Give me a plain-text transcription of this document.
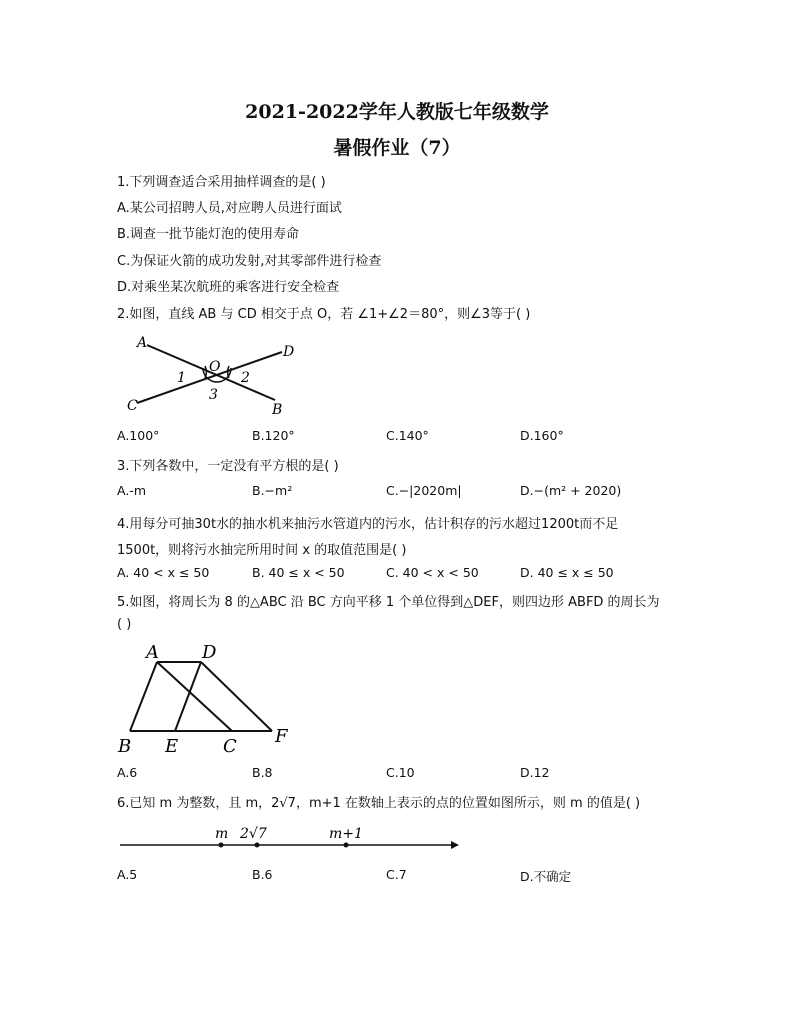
2021-2022学年人教版七年级数学
暑假作业（7）
1.下列调查适合采用抽样调查的是( )
A.某公司招聘人员,对应聘人员进行面试
B.调查一批节能灯泡的使用寿命
C.为保证火箭的成功发射,对其零部件进行检查
D.对乘坐某次航班的乘客进行安全检查
2.如图，直线 AB 与 CD 相交于点 O，若 ∠1+∠2＝80°，则∠3等于( )
A
D
O
1	2
3
C	B
A.100°	B.120°	C.140°	D.160°
3.下列各数中，一定没有平方根的是( )
A.-m	B.−m²	C.−|2020m|	D.−(m² + 2020)
4.用每分可抽30t水的抽水机来抽污水管道内的污水，估计积存的污水超过1200t而不足
1500t，则将污水抽完所用时间 x 的取值范围是( )
A. 40 < x ≤ 50	B. 40 ≤ x < 50	C. 40 < x < 50	D. 40 ≤ x ≤ 50
5.如图，将周长为 8 的△ABC 沿 BC 方向平移 1 个单位得到△DEF，则四边形 ABFD 的周长为
( )
A D
B E C F
A.6	B.8	C.10	D.12
6.已知 m 为整数，且 m，2√7，m+1 在数轴上表示的点的位置如图所示，则 m 的值是( )
m 2√7	m+1
A.5	B.6	C.7	D.不确定
